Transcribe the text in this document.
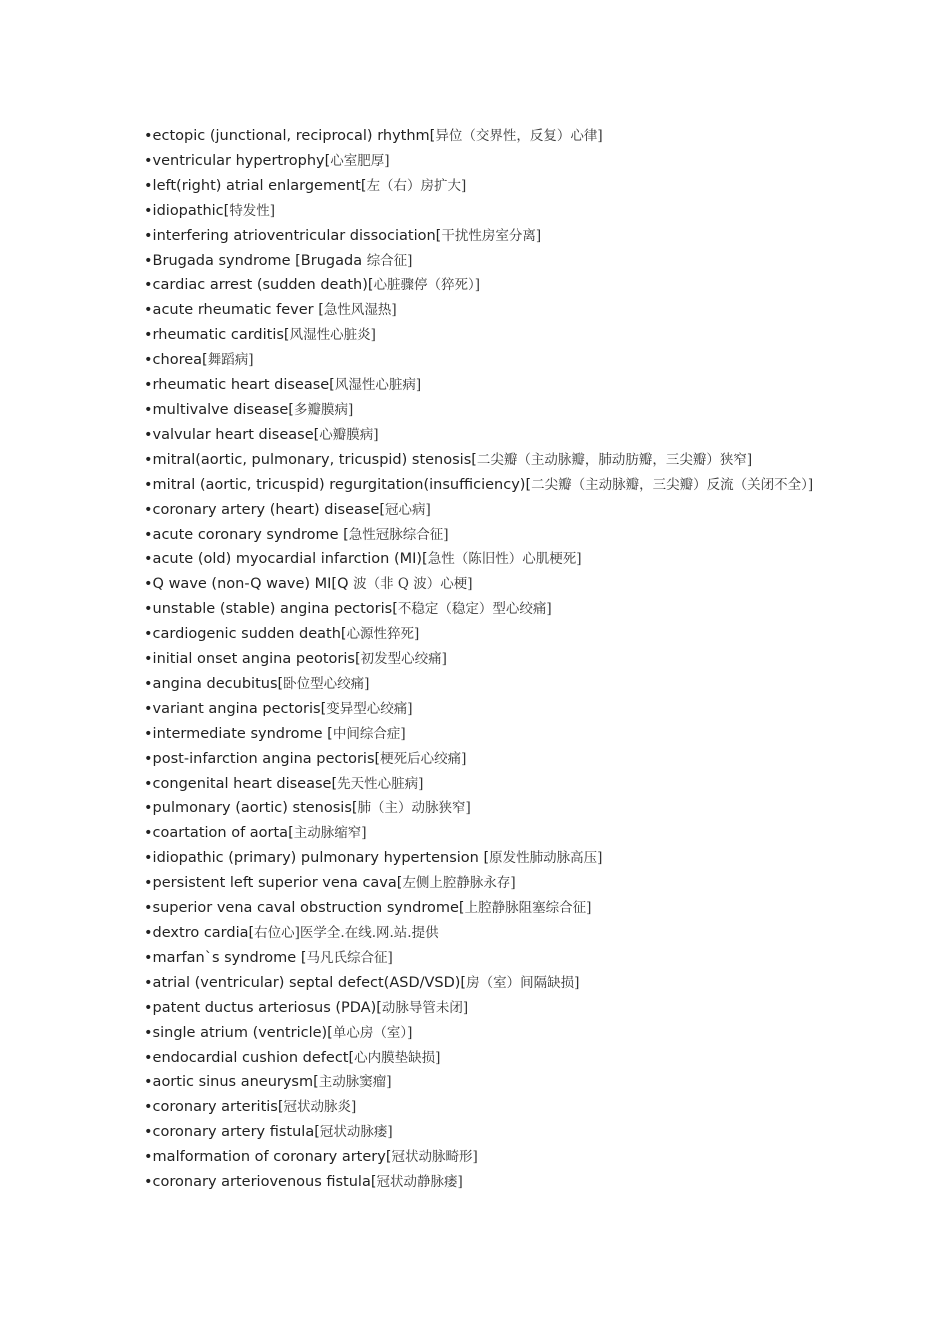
•ectopic (junctional, reciprocal) rhythm[异位（交界性，反复）心律]
•ventricular hypertrophy[心室肥厚]
•left(right) atrial enlargement[左（右）房扩大]
•idiopathic[特发性]
•interfering atrioventricular dissociation[干扰性房室分离]
•Brugada syndrome [Brugada 综合征]
•cardiac arrest (sudden death)[心脏骤停（猝死）]
•acute rheumatic fever [急性风湿热]
•rheumatic carditis[风湿性心脏炎]
•chorea[舞蹈病]
•rheumatic heart disease[风湿性心脏病]
•multivalve disease[多瓣膜病]
•valvular heart disease[心瓣膜病]
•mitral(aortic, pulmonary, tricuspid) stenosis[二尖瓣（主动脉瓣，肺动肪瓣，三尖瓣）狭窄]
•mitral (aortic, tricuspid) regurgitation(insufficiency)[二尖瓣（主动脉瓣，三尖瓣）反流（关闭不全）]
•coronary artery (heart) disease[冠心病]
•acute coronary syndrome [急性冠脉综合征]
•acute (old) myocardial infarction (MI)[急性（陈旧性）心肌梗死]
•Q wave (non-Q wave) MI[Q 波（非 Q 波）心梗]
•unstable (stable) angina pectoris[不稳定（稳定）型心绞痛]
•cardiogenic sudden death[心源性猝死]
•initial onset angina peotoris[初发型心绞痛]
•angina decubitus[卧位型心绞痛]
•variant angina pectoris[变异型心绞痛]
•intermediate syndrome [中间综合症]
•post-infarction angina pectoris[梗死后心绞痛]
•congenital heart disease[先天性心脏病]
•pulmonary (aortic) stenosis[肺（主）动脉狭窄]
•coartation of aorta[主动脉缩窄]
•idiopathic (primary) pulmonary hypertension [原发性肺动脉高压]
•persistent left superior vena cava[左侧上腔静脉永存]
•superior vena caval obstruction syndrome[上腔静脉阻塞综合征]
•dextro cardia[右位心]医学全.在线.网.站.提供
•marfan`s syndrome [马凡氏综合征]
•atrial (ventricular) septal defect(ASD/VSD)[房（室）间隔缺损]
•patent ductus arteriosus (PDA)[动脉导管未闭]
•single atrium (ventricle)[单心房（室）]
•endocardial cushion defect[心内膜垫缺损]
•aortic sinus aneurysm[主动脉窦瘤]
•coronary arteritis[冠状动脉炎]
•coronary artery fistula[冠状动脉瘘]
•malformation of coronary artery[冠状动脉畸形]
•coronary arteriovenous fistula[冠状动静脉瘘]
